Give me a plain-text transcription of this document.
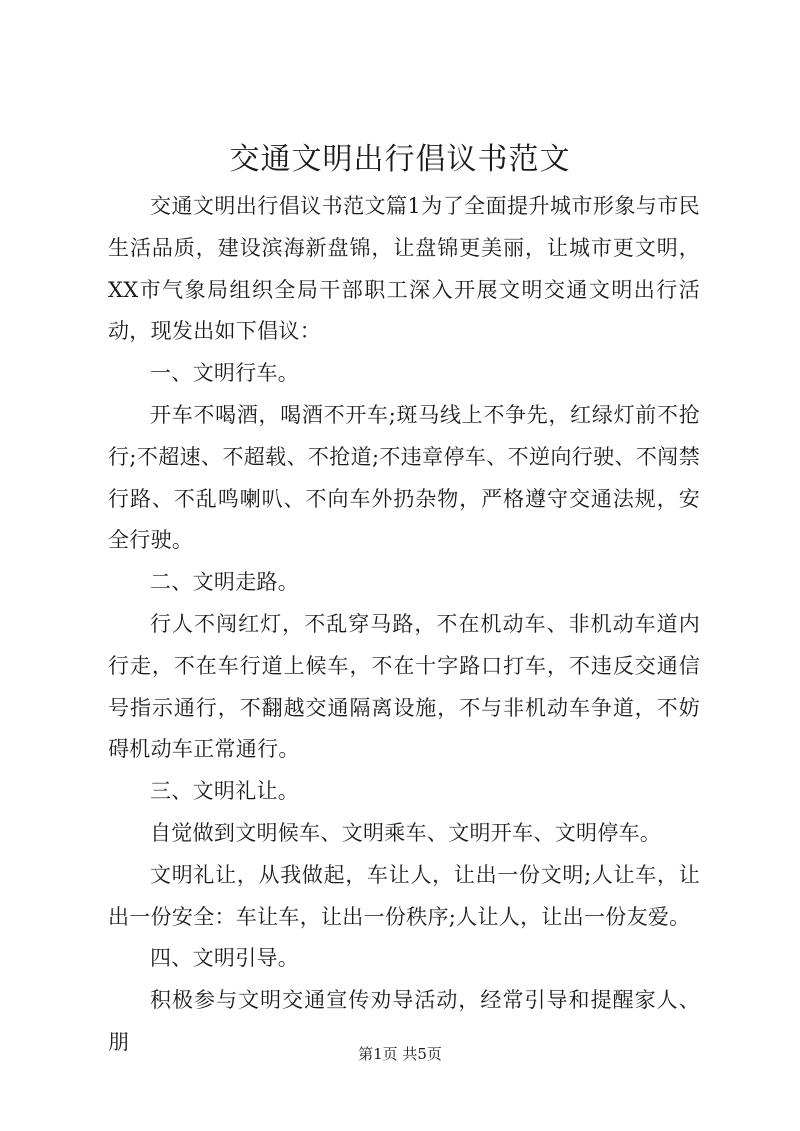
交通文明出行倡议书范文

交通文明出行倡议书范文篇1为了全面提升城市形象与市民生活品质，建设滨海新盘锦，让盘锦更美丽，让城市更文明，XX市气象局组织全局干部职工深入开展文明交通文明出行活动，现发出如下倡议：

一、文明行车。

开车不喝酒，喝酒不开车;斑马线上不争先，红绿灯前不抢行;不超速、不超载、不抢道;不违章停车、不逆向行驶、不闯禁行路、不乱鸣喇叭、不向车外扔杂物，严格遵守交通法规，安全行驶。

二、文明走路。

行人不闯红灯，不乱穿马路，不在机动车、非机动车道内行走，不在车行道上候车，不在十字路口打车，不违反交通信号指示通行，不翻越交通隔离设施，不与非机动车争道，不妨碍机动车正常通行。

三、文明礼让。

自觉做到文明候车、文明乘车、文明开车、文明停车。

文明礼让，从我做起，车让人，让出一份文明;人让车，让出一份安全：车让车，让出一份秩序;人让人，让出一份友爱。

四、文明引导。

积极参与文明交通宣传劝导活动，经常引导和提醒家人、朋

第1页 共5页
